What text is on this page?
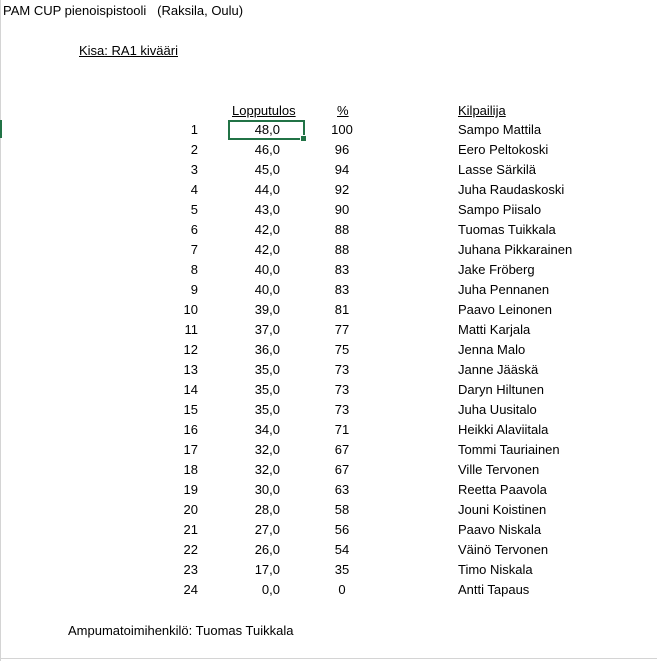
PAM CUP pienoispistooli   (Raksila, Oulu)
Kisa: RA1 kivääri
Lopputulos	%	Kilpailija
1	48,0	100	Sampo Mattila
2	46,0	96	Eero Peltokoski
3	45,0	94	Lasse Särkilä
4	44,0	92	Juha Raudaskoski
5	43,0	90	Sampo Piisalo
6	42,0	88	Tuomas Tuikkala
7	42,0	88	Juhana Pikkarainen
8	40,0	83	Jake Fröberg
9	40,0	83	Juha Pennanen
10	39,0	81	Paavo Leinonen
11	37,0	77	Matti Karjala
12	36,0	75	Jenna Malo
13	35,0	73	Janne Jääskä
14	35,0	73	Daryn Hiltunen
15	35,0	73	Juha Uusitalo
16	34,0	71	Heikki Alaviitala
17	32,0	67	Tommi Tauriainen
18	32,0	67	Ville Tervonen
19	30,0	63	Reetta Paavola
20	28,0	58	Jouni Koistinen
21	27,0	56	Paavo Niskala
22	26,0	54	Väinö Tervonen
23	17,0	35	Timo Niskala
24	0,0	0	Antti Tapaus
Ampumatoimihenkilö: Tuomas Tuikkala
